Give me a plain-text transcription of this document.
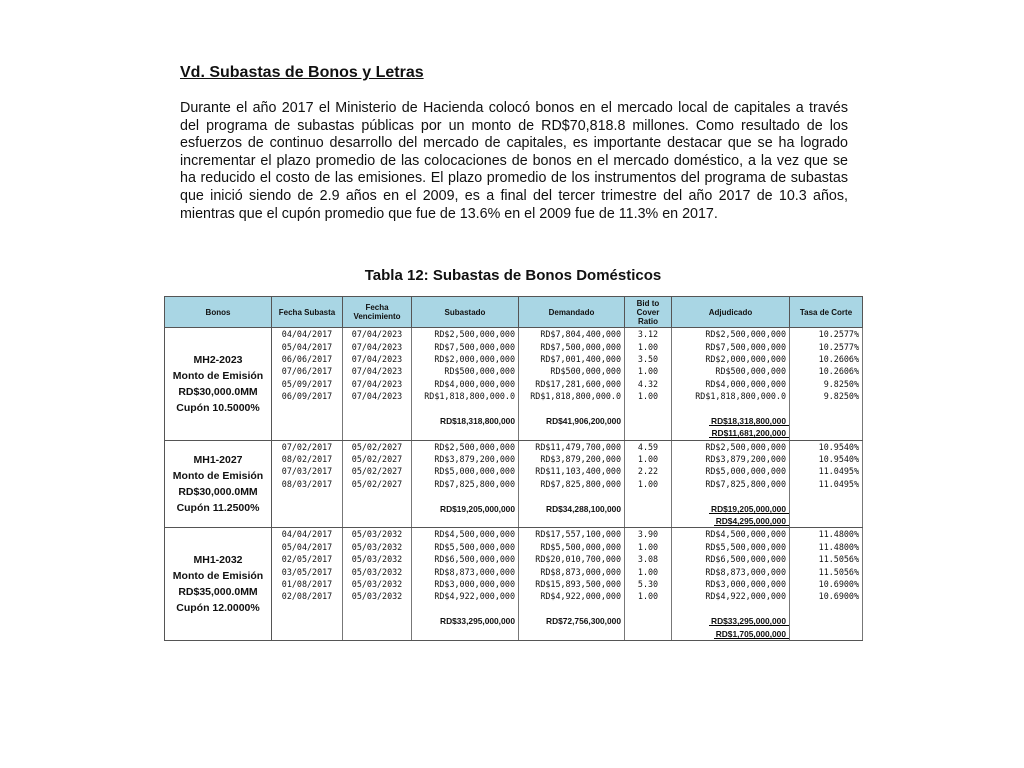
Vd. Subastas de Bonos y Letras

Durante el año 2017 el Ministerio de Hacienda colocó bonos en el mercado local de capitales a través del programa de subastas públicas por un monto de RD$70,818.8 millones. Como resultado de los esfuerzos de continuo desarrollo del mercado de capitales, es importante destacar que se ha logrado incrementar el plazo promedio de las colocaciones de bonos en el mercado doméstico, a la vez que se ha reducido el costo de las emisiones. El plazo promedio de los instrumentos del programa de subastas que inició siendo de 2.9 años en el 2009, es a final del tercer trimestre del año 2017 de 10.3 años, mientras que el cupón promedio que fue de 13.6% en el 2009 fue de 11.3% en 2017.

Tabla 12: Subastas de Bonos Domésticos
Bonos	Fecha Subasta	Fecha Vencimiento	Subastado	Demandado	Bid to Cover Ratio	Adjudicado	Tasa de Corte

MH2-2023
Monto de Emisión
RD$30,000.0MM
Cupón 10.5000%	04/04/2017	07/04/2023	RD$2,500,000,000	RD$7,804,400,000	3.12	RD$2,500,000,000	10.2577%
	05/04/2017	07/04/2023	RD$7,500,000,000	RD$7,500,000,000	1.00	RD$7,500,000,000	10.2577%
	06/06/2017	07/04/2023	RD$2,000,000,000	RD$7,001,400,000	3.50	RD$2,000,000,000	10.2606%
	07/06/2017	07/04/2023	RD$500,000,000	RD$500,000,000	1.00	RD$500,000,000	10.2606%
	05/09/2017	07/04/2023	RD$4,000,000,000	RD$17,281,600,000	4.32	RD$4,000,000,000	9.8250%
	06/09/2017	07/04/2023	RD$1,818,800,000.0	RD$1,818,800,000.0	1.00	RD$1,818,800,000.0	9.8250%

			RD$18,318,800,000	RD$41,906,200,000		RD$18,318,800,000	
						RD$11,681,200,000	

MH1-2027
Monto de Emisión
RD$30,000.0MM
Cupón 11.2500%	07/02/2017	05/02/2027	RD$2,500,000,000	RD$11,479,700,000	4.59	RD$2,500,000,000	10.9540%
	08/02/2017	05/02/2027	RD$3,879,200,000	RD$3,879,200,000	1.00	RD$3,879,200,000	10.9540%
	07/03/2017	05/02/2027	RD$5,000,000,000	RD$11,103,400,000	2.22	RD$5,000,000,000	11.0495%
	08/03/2017	05/02/2027	RD$7,825,800,000	RD$7,825,800,000	1.00	RD$7,825,800,000	11.0495%

			RD$19,205,000,000	RD$34,288,100,000		RD$19,205,000,000	
						RD$4,295,000,000	

MH1-2032
Monto de Emisión
RD$35,000.0MM
Cupón 12.0000%	04/04/2017	05/03/2032	RD$4,500,000,000	RD$17,557,100,000	3.90	RD$4,500,000,000	11.4800%
	05/04/2017	05/03/2032	RD$5,500,000,000	RD$5,500,000,000	1.00	RD$5,500,000,000	11.4800%
	02/05/2017	05/03/2032	RD$6,500,000,000	RD$20,010,700,000	3.08	RD$6,500,000,000	11.5056%
	03/05/2017	05/03/2032	RD$8,873,000,000	RD$8,873,000,000	1.00	RD$8,873,000,000	11.5056%
	01/08/2017	05/03/2032	RD$3,000,000,000	RD$15,893,500,000	5.30	RD$3,000,000,000	10.6900%
	02/08/2017	05/03/2032	RD$4,922,000,000	RD$4,922,000,000	1.00	RD$4,922,000,000	10.6900%

			RD$33,295,000,000	RD$72,756,300,000		RD$33,295,000,000	
						RD$1,705,000,000	
